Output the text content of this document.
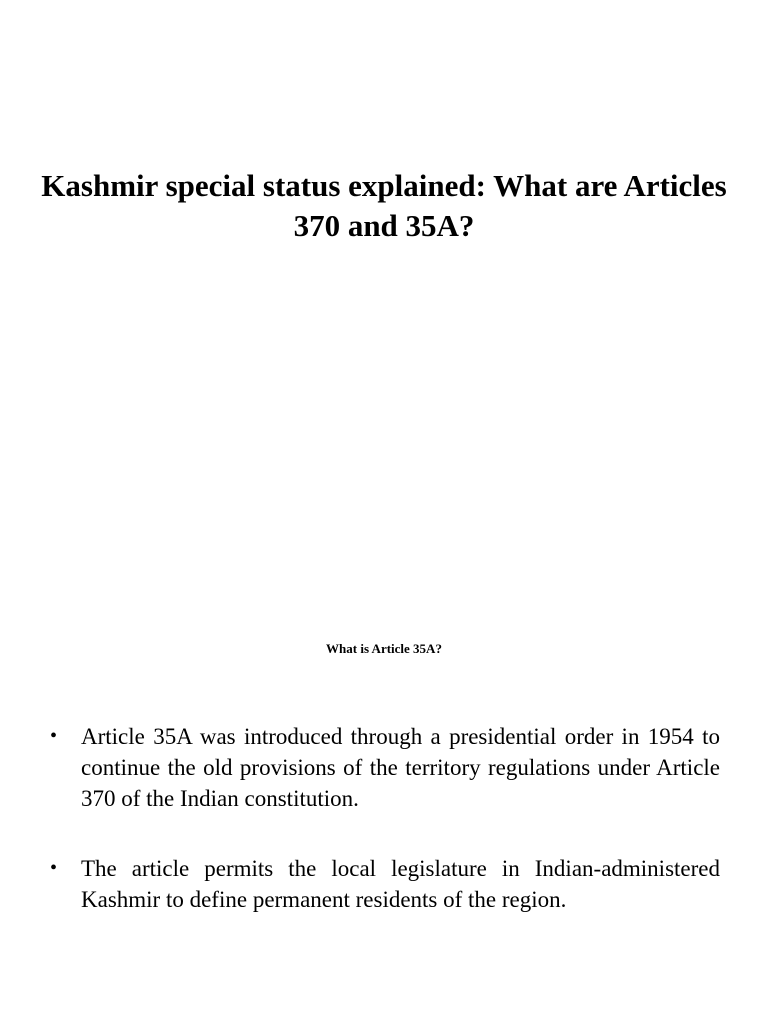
Kashmir special status explained: What are Articles 370 and 35A?
What is Article 35A?
• Article 35A was introduced through a presidential order in 1954 to continue the old provisions of the territory regulations under Article 370 of the Indian constitution.
• The article permits the local legislature in Indian-administered Kashmir to define permanent residents of the region.
